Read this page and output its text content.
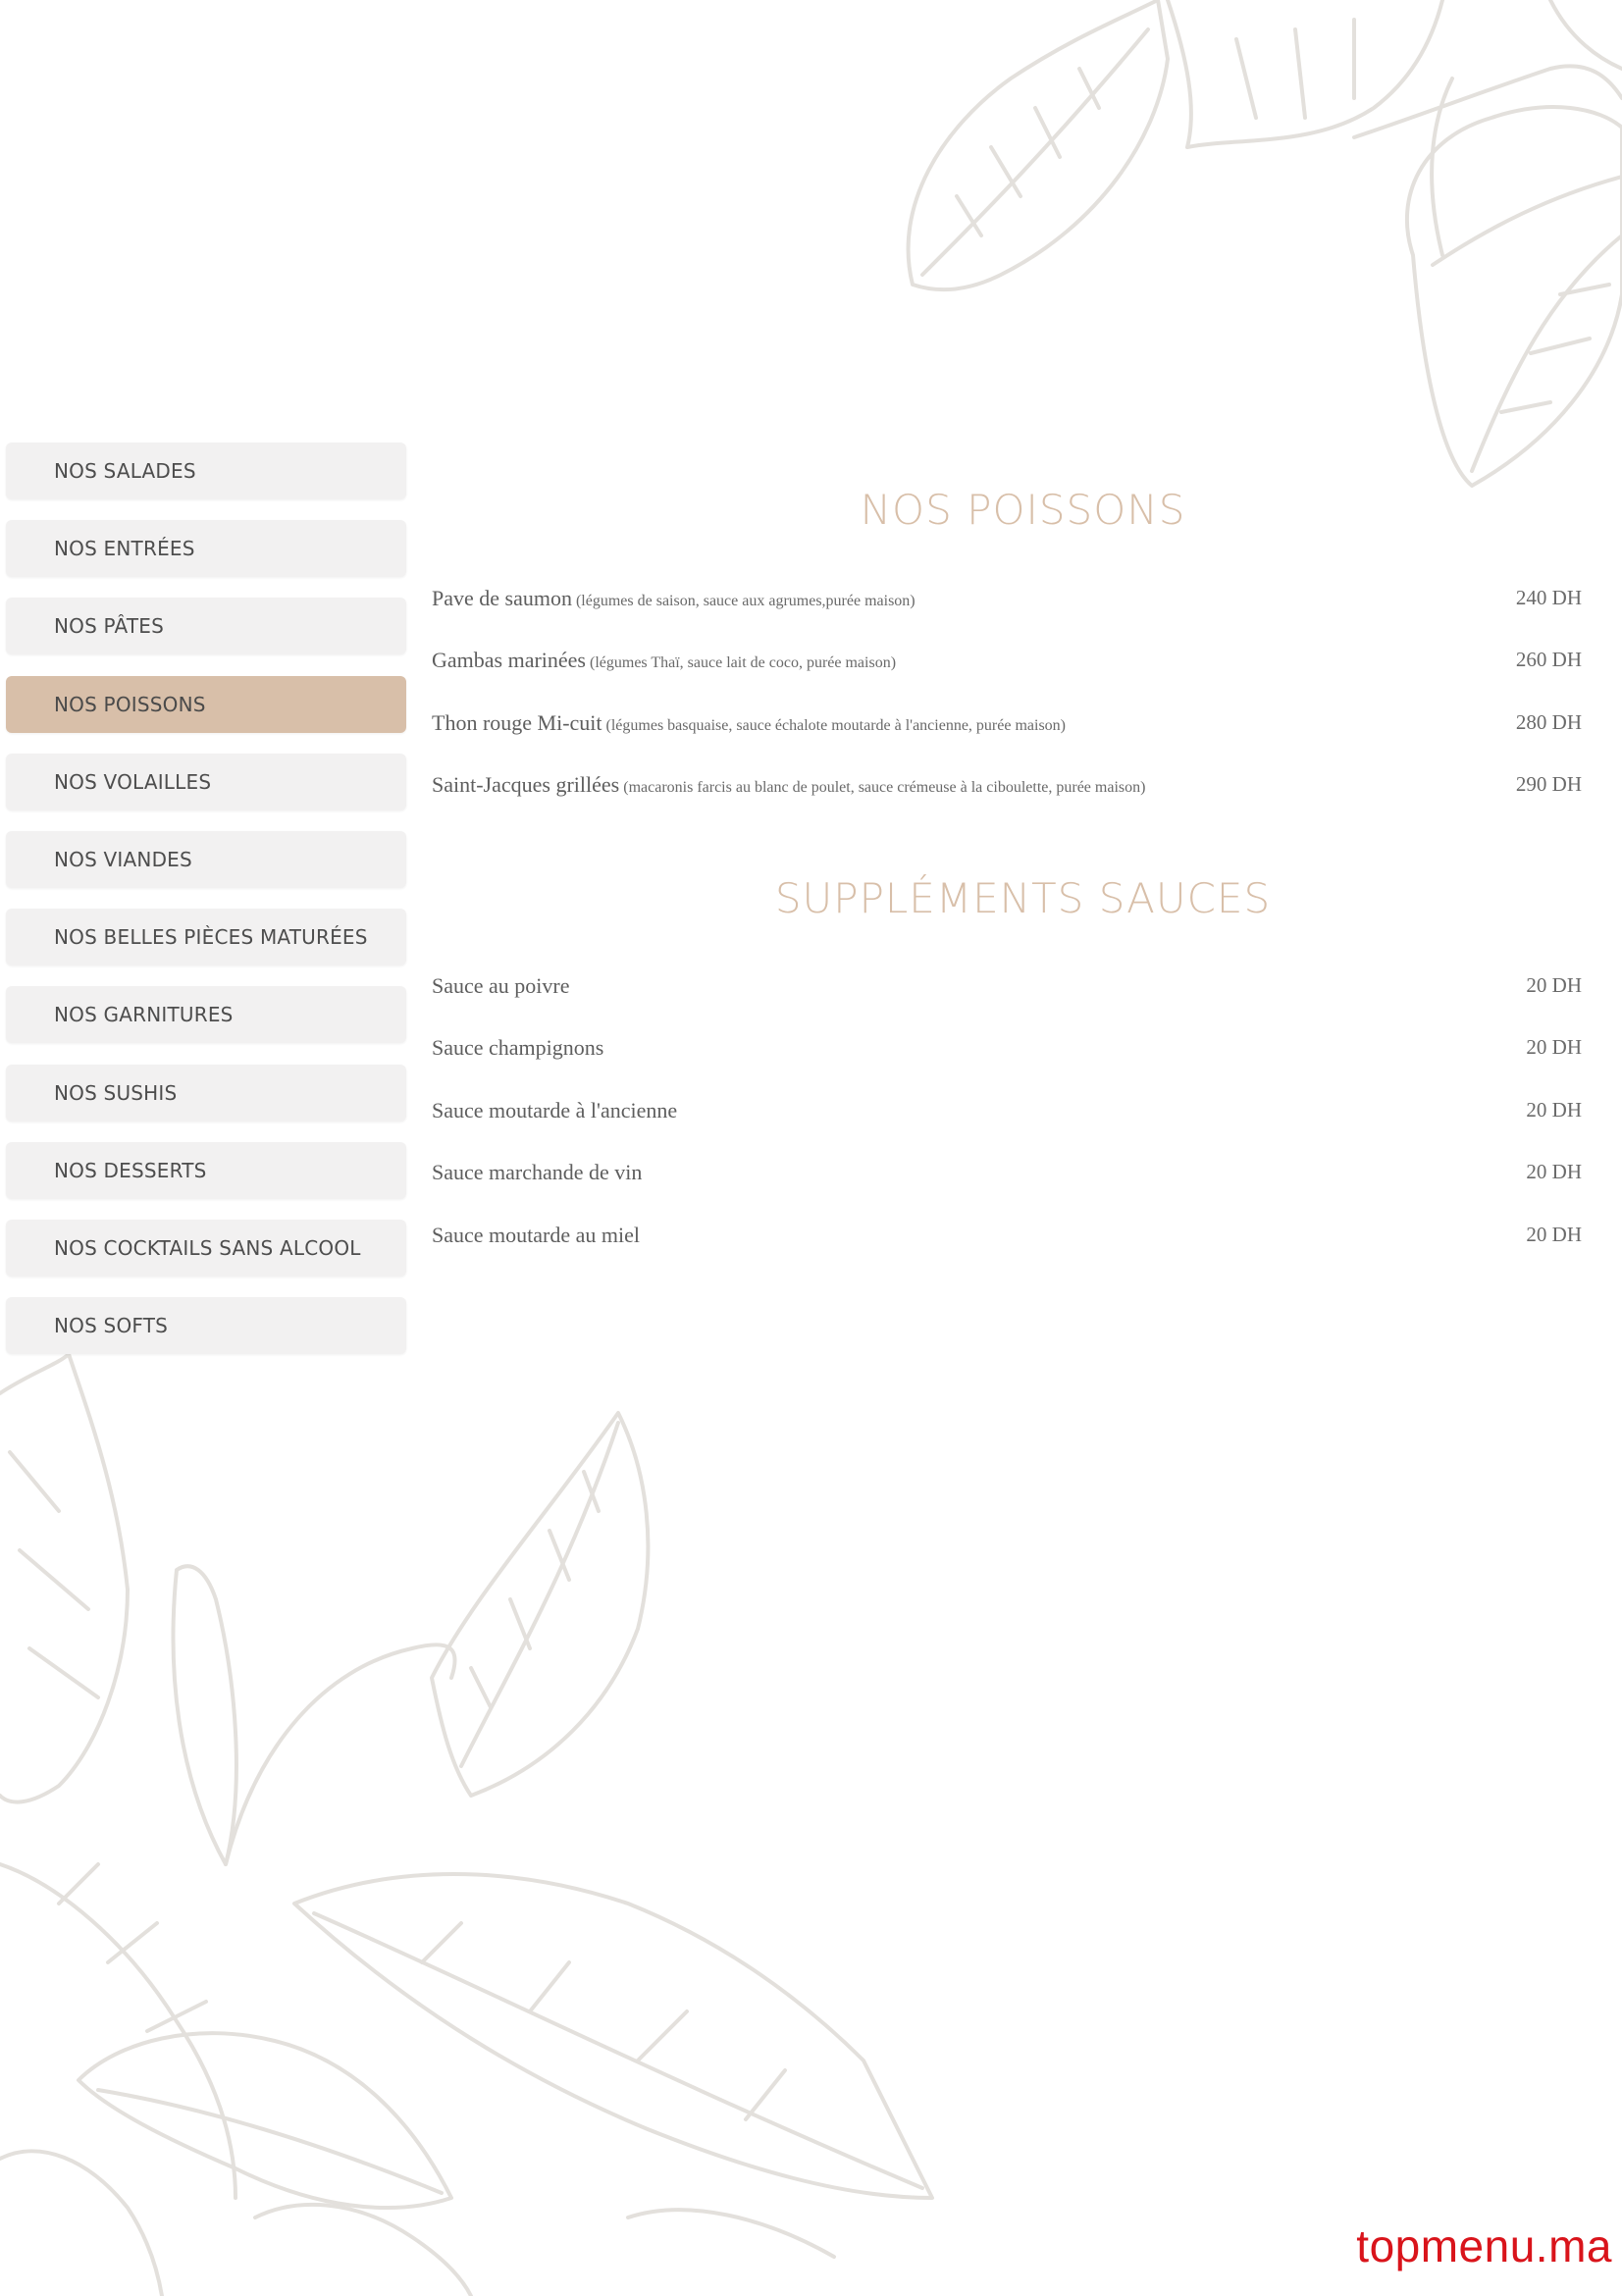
NOS SALADES
NOS ENTRÉES
NOS PÂTES
NOS POISSONS
NOS VOLAILLES
NOS VIANDES
NOS BELLES PIÈCES MATURÉES
NOS GARNITURES
NOS SUSHIS
NOS DESSERTS
NOS COCKTAILS SANS ALCOOL
NOS SOFTS
NOS POISSONS
Pave de saumon (légumes de saison, sauce aux agrumes,purée maison)	240 DH
Gambas marinées (légumes Thaï, sauce lait de coco, purée maison)	260 DH
Thon rouge Mi-cuit (légumes basquaise, sauce échalote moutarde à l'ancienne, purée maison)	280 DH
Saint-Jacques grillées (macaronis farcis au blanc de poulet, sauce crémeuse à la ciboulette, purée maison)	290 DH
SUPPLÉMENTS SAUCES
Sauce au poivre	20 DH
Sauce champignons	20 DH
Sauce moutarde à l'ancienne	20 DH
Sauce marchande de vin	20 DH
Sauce moutarde au miel	20 DH
topmenu.ma
